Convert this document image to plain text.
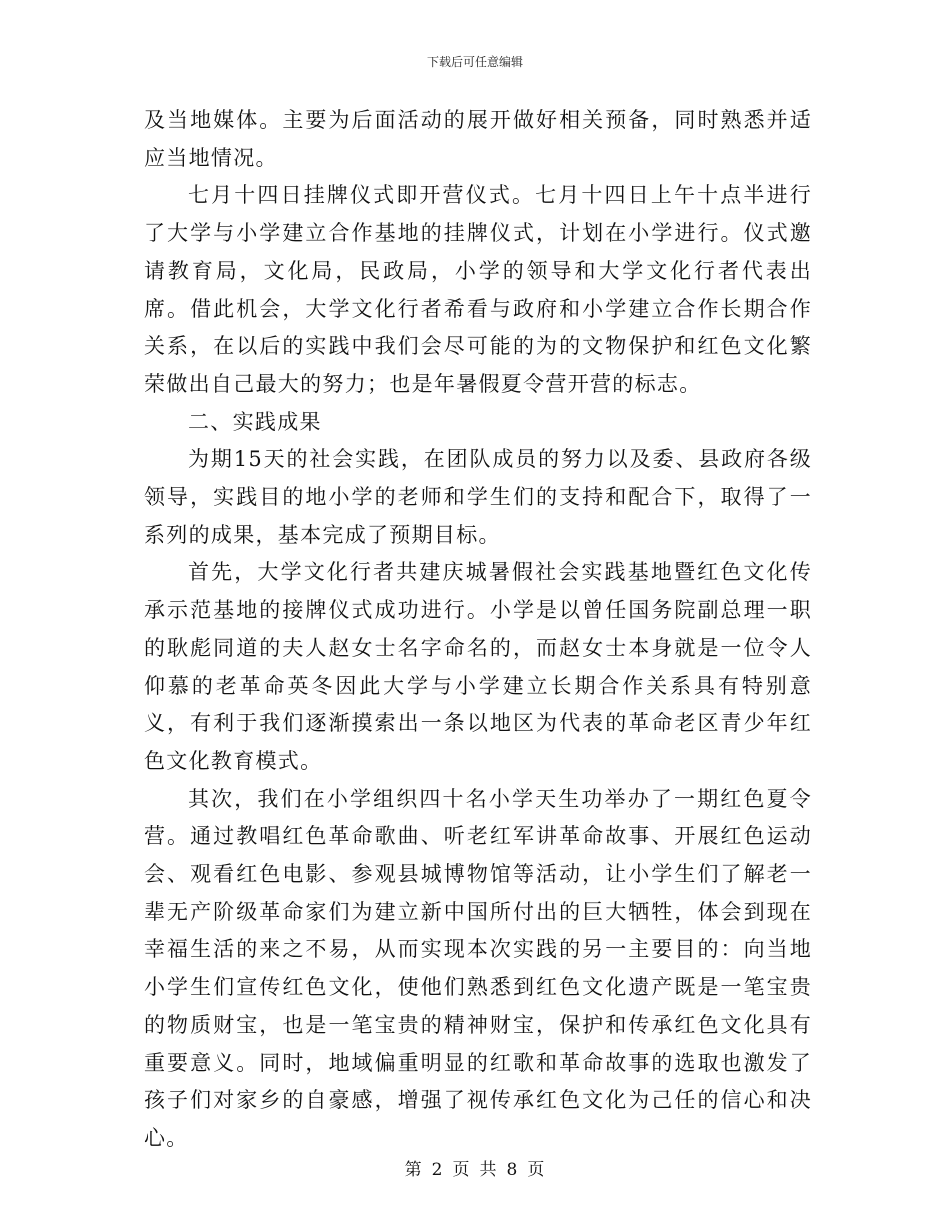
下载后可任意编辑

及当地媒体。主要为后面活动的展开做好相关预备，同时熟悉并适应当地情况。

七月十四日挂牌仪式即开营仪式。七月十四日上午十点半进行了大学与小学建立合作基地的挂牌仪式，计划在小学进行。仪式邀请教育局，文化局，民政局，小学的领导和大学文化行者代表出席。借此机会，大学文化行者希看与政府和小学建立合作长期合作关系，在以后的实践中我们会尽可能的为的文物保护和红色文化繁荣做出自己最大的努力；也是年暑假夏令营开营的标志。

二、实践成果

为期15天的社会实践，在团队成员的努力以及委、县政府各级领导，实践目的地小学的老师和学生们的支持和配合下，取得了一系列的成果，基本完成了预期目标。

首先，大学文化行者共建庆城暑假社会实践基地暨红色文化传承示范基地的接牌仪式成功进行。小学是以曾任国务院副总理一职的耿彪同道的夫人赵女士名字命名的，而赵女士本身就是一位令人仰慕的老革命英冬因此大学与小学建立长期合作关系具有特别意义，有利于我们逐渐摸索出一条以地区为代表的革命老区青少年红色文化教育模式。

其次，我们在小学组织四十名小学天生功举办了一期红色夏令营。通过教唱红色革命歌曲、听老红军讲革命故事、开展红色运动会、观看红色电影、参观县城博物馆等活动，让小学生们了解老一辈无产阶级革命家们为建立新中国所付出的巨大牺牲，体会到现在幸福生活的来之不易，从而实现本次实践的另一主要目的：向当地小学生们宣传红色文化，使他们熟悉到红色文化遗产既是一笔宝贵的物质财宝，也是一笔宝贵的精神财宝，保护和传承红色文化具有重要意义。同时，地域偏重明显的红歌和革命故事的选取也激发了孩子们对家乡的自豪感，增强了视传承红色文化为己任的信心和决心。

第 2 页 共 8 页
